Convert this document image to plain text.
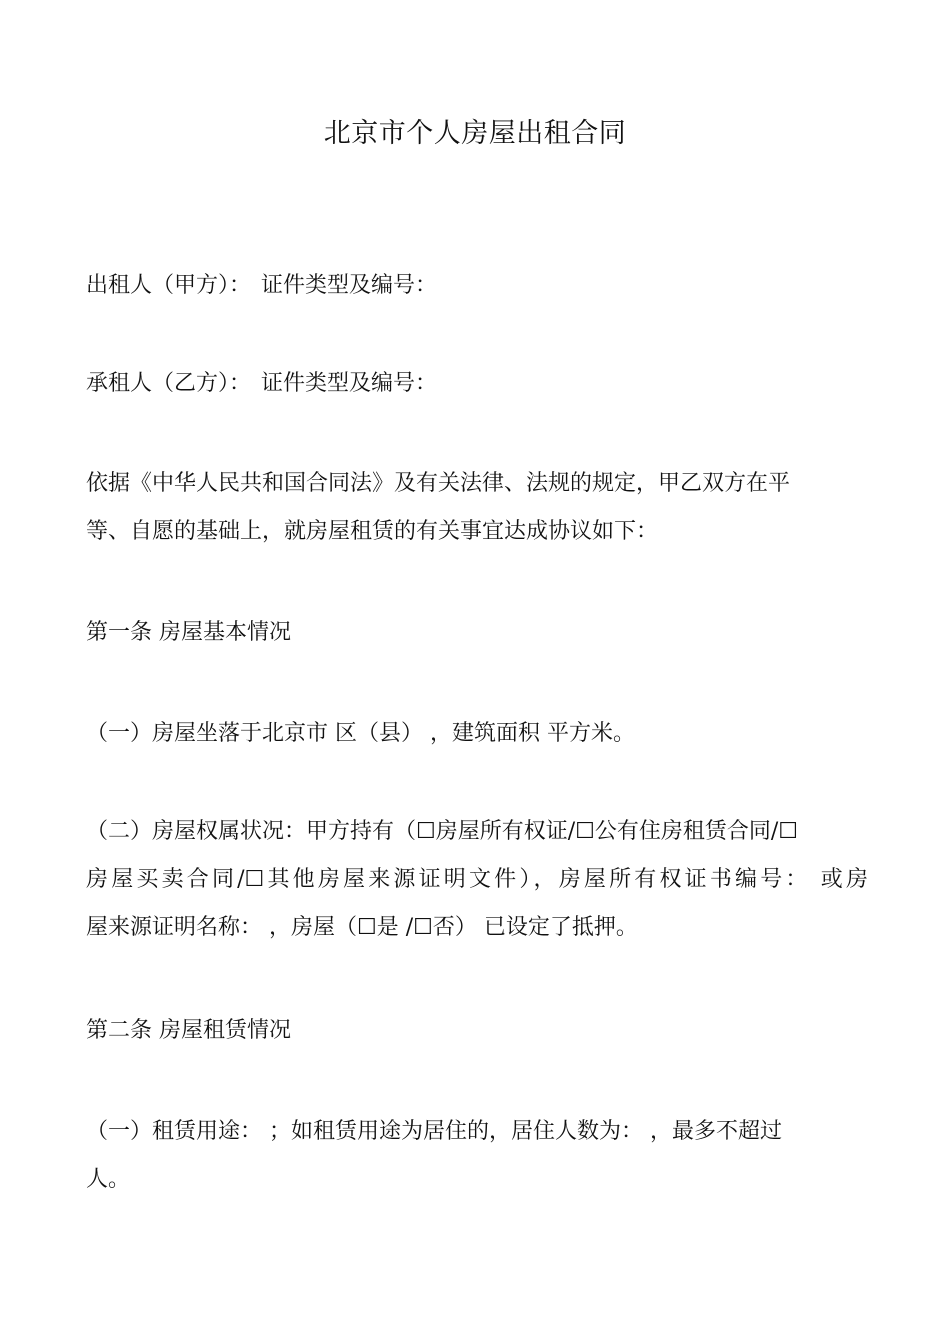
北京市个人房屋出租合同

出租人（甲方）： 证件类型及编号：

承租人（乙方）： 证件类型及编号：

依据《中华人民共和国合同法》及有关法律、法规的规定，甲乙双方在平
等、自愿的基础上，就房屋租赁的有关事宜达成协议如下：

第一条 房屋基本情况

（一）房屋坐落于北京市 区（县） ，建筑面积 平方米。

（二）房屋权属状况：甲方持有（☐房屋所有权证/☐公有住房租赁合同/☐
房屋买卖合同/☐其他房屋来源证明文件），房屋所有权证书编号： 或房
屋来源证明名称： ，房屋（☐是 /☐否） 已设定了抵押。

第二条 房屋租赁情况

（一）租赁用途： ；如租赁用途为居住的，居住人数为： ，最多不超过
人。
